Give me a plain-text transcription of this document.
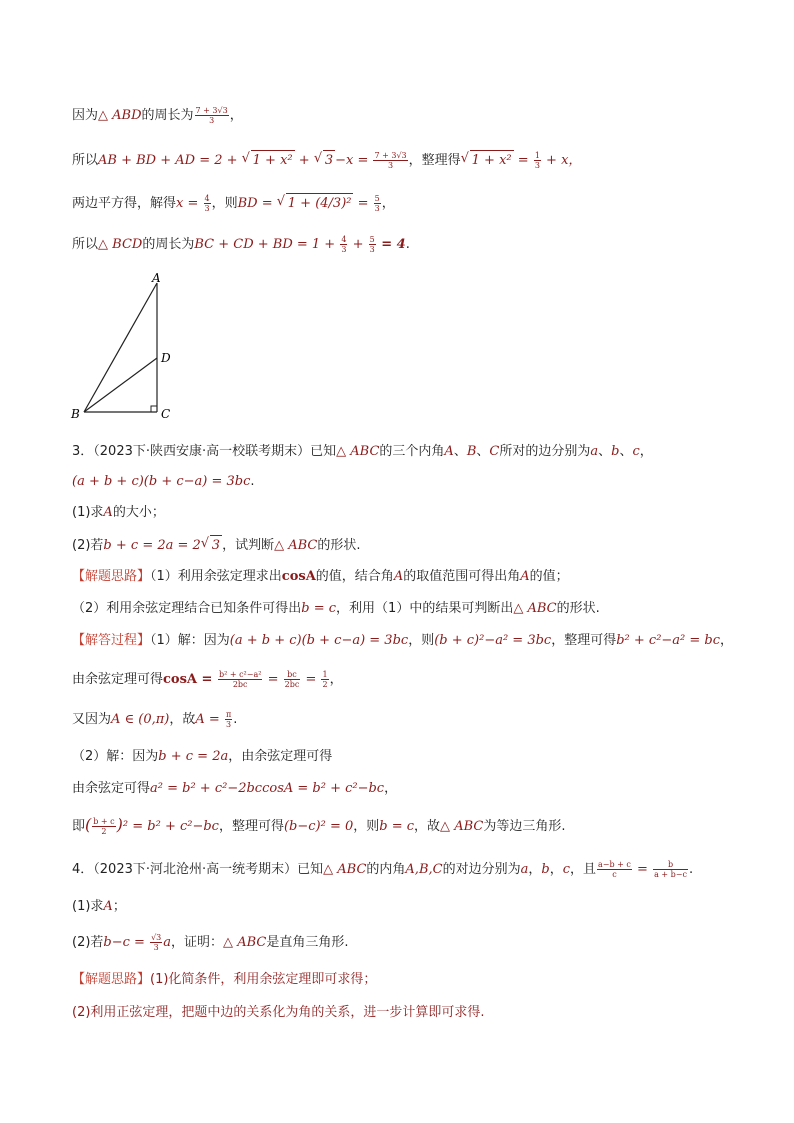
因为△ ABD的周长为 $\frac{7 + 3√3}{3}$ ，
所以AB + BD + AD = 2 + √ 1 + x² + √ $3 -x = \frac{7 + 3√3}{3}$ ，整理得 √ $1 + x^2 = \frac{1}{3} + x$，
两边平方得，解得$x = \frac{4}{3}$ ，则BD = √ $1 + (4/3)^2 = \frac{5}{3}$ ，
所以△ BCD的周长为BC + CD + BD = $1 + \frac{4}{3} + \frac{5}{3} = 4$.
A
D
B	C
3．（2023下·陕西安康·高一校联考期末）已知△ ABC的三个内角A、B、C所对的边分别为a、b、c，
(a + b + c)(b + c−a) = 3bc.
(1)求A的大小；
(2)若b + c = 2a = 2 √ 3 ，试判断△ ABC的形状.
【解题思路】（1）利用余弦定理求出cosA的值，结合角A的取值范围可得出角A的值；
（2）利用余弦定理结合已知条件可得出b = c，利用（1）中的结果可判断出△ ABC的形状.
【解答过程】（1）解：因为(a + b + c)(b + c−a) = 3bc，则(b + c)²−a² = 3bc，整理可得b² + c²−a² = bc，
由余弦定理可得$\cos A = \frac{\text{b² + c²−a²}}{2bc} = \frac{bc}{2bc} = \frac{1}{2}$ ，
又因为A ∈ (0,π)，故$A = \frac{\pi}{3}$ .
（2）解：因为b + c = 2a，由余弦定理可得
由余弦定可得a² = b² + c²−2bccosA = b² + c²−bc，
即( $\frac{b + c}{2} )^2 = b^2 + c^2-bc$，整理可得(b−c)² = 0，则b = c，故△ ABC为等边三角形.
4．（2023下·河北沧州·高一统考期末）已知△ ABC的内角A,B,C的对边分别为a，b，c，且 $\frac{a-b + c}{c} = \frac{b}{a + b-c}$ .
(1)求A；
(2)若$b-c = \frac{√3}{3}$ a，证明：△ ABC是直角三角形.
【解题思路】(1)化简条件，利用余弦定理即可求得；
(2)利用正弦定理，把题中边的关系化为角的关系，进一步计算即可求得.
